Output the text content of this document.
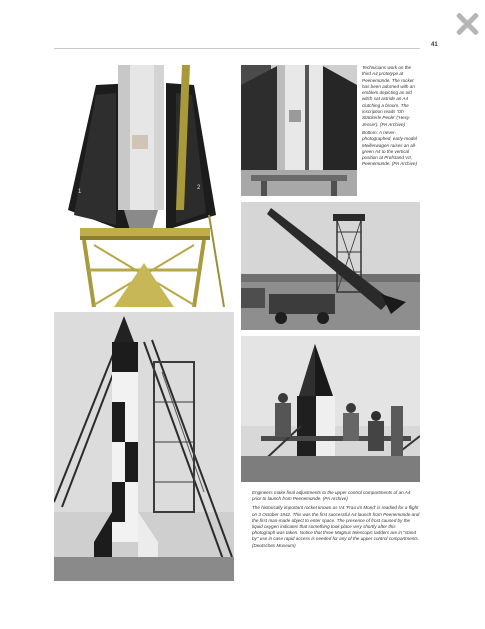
41
1
2

Technicians work on the third A4 prototype at Peenemünde. The rocket has been adorned with an emblem depicting an old witch sat astride an A4 clutching a broom. The inscription reads 'Oh Stäckerle Peole' ('Hexy-Jessie'). (PA Archive)

Bottom: A never-photographed, early-model Meillerwagen raises an all-green A4 to the vertical position at Prüfstand VII, Peenemünde. (PA Archive)

Engineers make final adjustments to the upper control compartments of an A4 prior to launch from Peenemünde. (PA Archive)

The historically important rocket known as V4 'Frau im Mond' is readied for a flight on 3 October 1942. This was the first successful A4 launch from Peenemünde and the first man-made object to enter space. The presence of frost caused by the liquid oxygen indicates that something took place very shortly after this photograph was taken. Notice that three Magnus telescopic ladders are in "stand by" use in case rapid access is needed for any of the upper control compartments. (Deutsches Museum)
